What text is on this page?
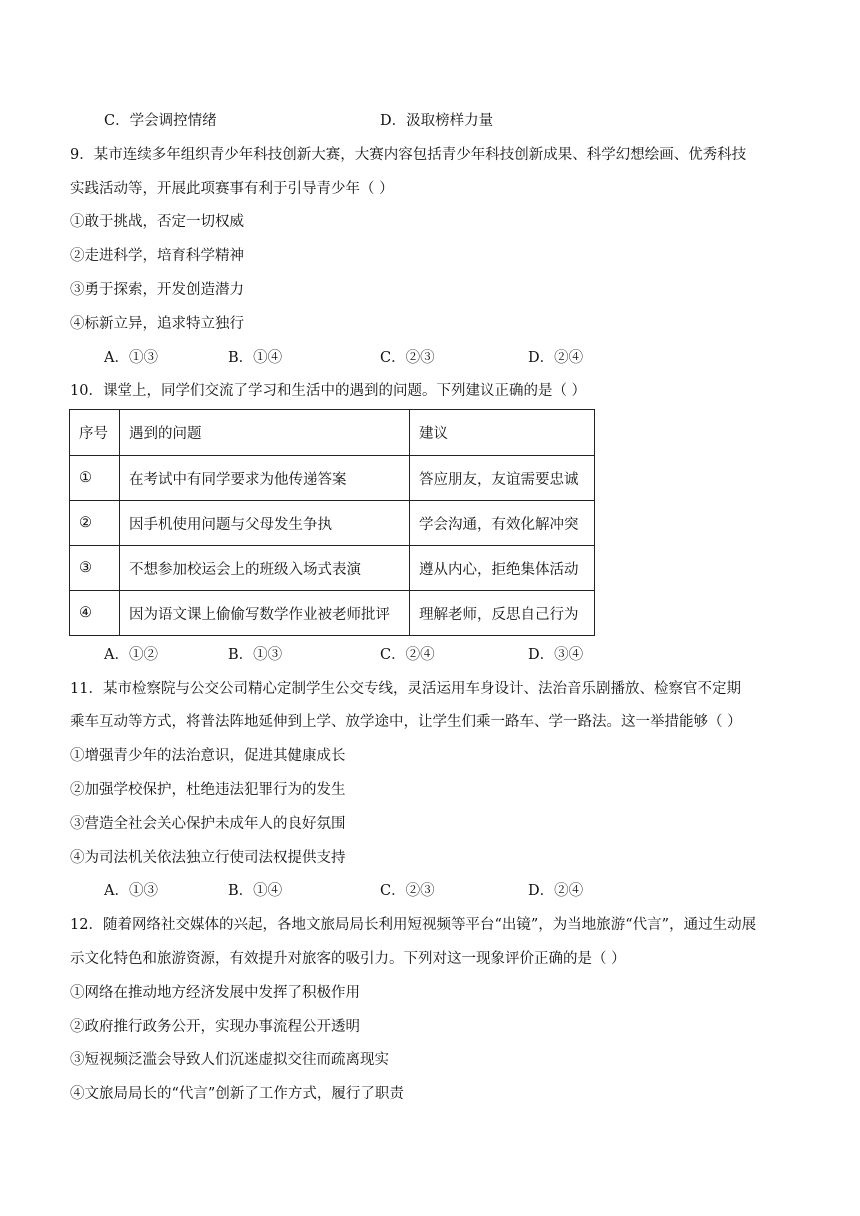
C．学会调控情绪	D．汲取榜样力量
9．某市连续多年组织青少年科技创新大赛，大赛内容包括青少年科技创新成果、科学幻想绘画、优秀科技
实践活动等，开展此项赛事有利于引导青少年（ ）
①敢于挑战，否定一切权威
②走进科学，培育科学精神
③勇于探索，开发创造潜力
④标新立异，追求特立独行
A．①③	B．①④	C．②③	D．②④
10．课堂上，同学们交流了学习和生活中的遇到的问题。下列建议正确的是（ ）
序号	遇到的问题	建议
①	在考试中有同学要求为他传递答案	答应朋友，友谊需要忠诚
②	因手机使用问题与父母发生争执	学会沟通，有效化解冲突
③	不想参加校运会上的班级入场式表演	遵从内心，拒绝集体活动
④	因为语文课上偷偷写数学作业被老师批评	理解老师，反思自己行为
A．①②	B．①③	C．②④	D．③④
11．某市检察院与公交公司精心定制学生公交专线，灵活运用车身设计、法治音乐剧播放、检察官不定期
乘车互动等方式，将普法阵地延伸到上学、放学途中，让学生们乘一路车、学一路法。这一举措能够（ ）
①增强青少年的法治意识，促进其健康成长
②加强学校保护，杜绝违法犯罪行为的发生
③营造全社会关心保护未成年人的良好氛围
④为司法机关依法独立行使司法权提供支持
A．①③	B．①④	C．②③	D．②④
12．随着网络社交媒体的兴起，各地文旅局局长利用短视频等平台“出镜”，为当地旅游“代言”，通过生动展
示文化特色和旅游资源，有效提升对旅客的吸引力。下列对这一现象评价正确的是（ ）
①网络在推动地方经济发展中发挥了积极作用
②政府推行政务公开，实现办事流程公开透明
③短视频泛滥会导致人们沉迷虚拟交往而疏离现实
④文旅局局长的“代言”创新了工作方式，履行了职责
